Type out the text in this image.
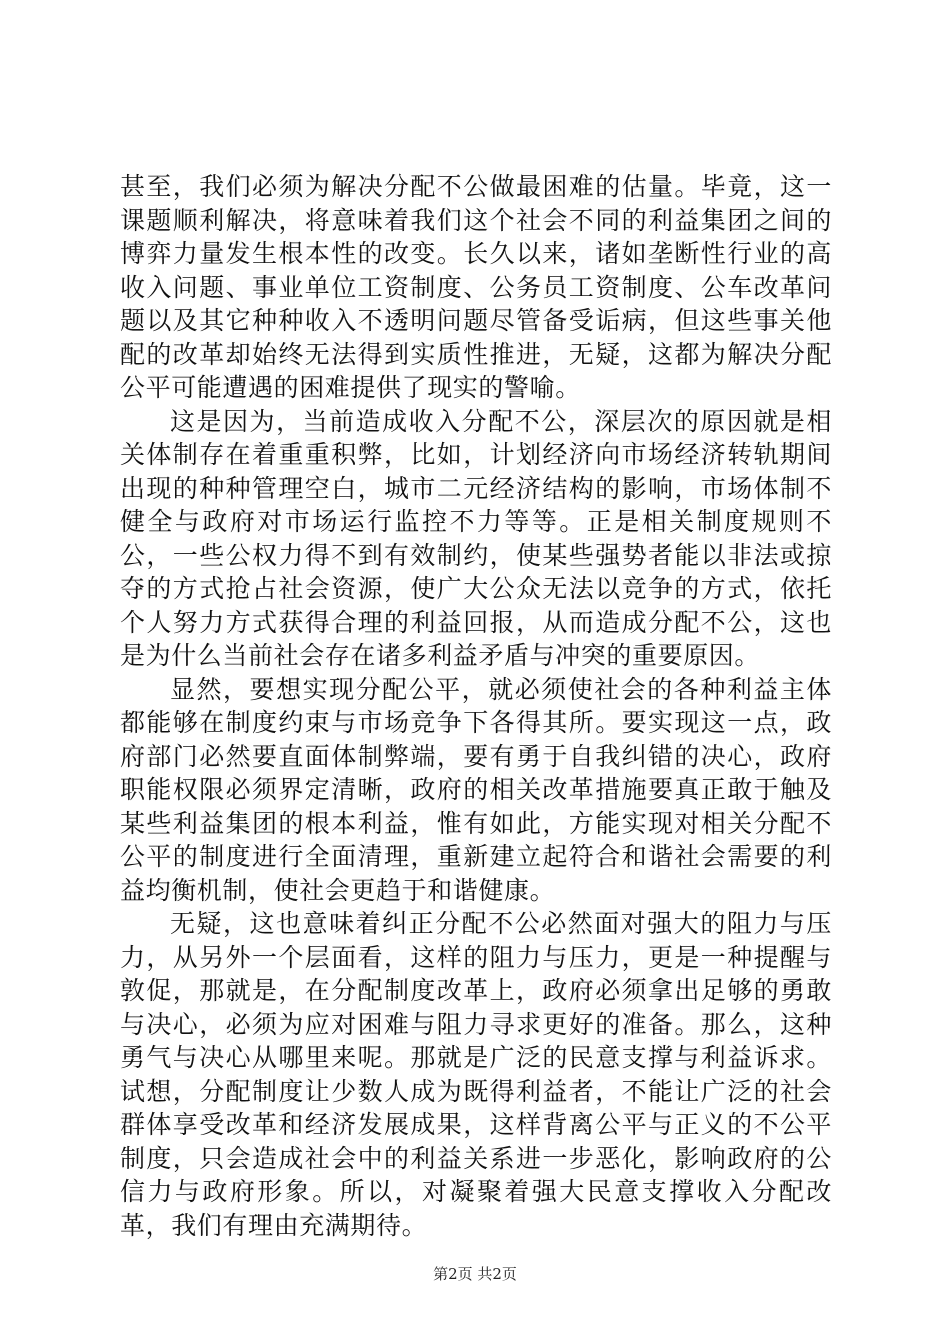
甚至，我们必须为解决分配不公做最困难的估量。毕竟，这一课题顺利解决，将意味着我们这个社会不同的利益集团之间的博弈力量发生根本性的改变。长久以来，诸如垄断性行业的高收入问题、事业单位工资制度、公务员工资制度、公车改革问题以及其它种种收入不透明问题尽管备受诟病，但这些事关他配的改革却始终无法得到实质性推进，无疑，这都为解决分配公平可能遭遇的困难提供了现实的警喻。

这是因为，当前造成收入分配不公，深层次的原因就是相关体制存在着重重积弊，比如，计划经济向市场经济转轨期间出现的种种管理空白，城市二元经济结构的影响，市场体制不健全与政府对市场运行监控不力等等。正是相关制度规则不公，一些公权力得不到有效制约，使某些强势者能以非法或掠夺的方式抢占社会资源，使广大公众无法以竞争的方式，依托个人努力方式获得合理的利益回报，从而造成分配不公，这也是为什么当前社会存在诸多利益矛盾与冲突的重要原因。

显然，要想实现分配公平，就必须使社会的各种利益主体都能够在制度约束与市场竞争下各得其所。要实现这一点，政府部门必然要直面体制弊端，要有勇于自我纠错的决心，政府职能权限必须界定清晰，政府的相关改革措施要真正敢于触及某些利益集团的根本利益，惟有如此，方能实现对相关分配不公平的制度进行全面清理，重新建立起符合和谐社会需要的利益均衡机制，使社会更趋于和谐健康。

无疑，这也意味着纠正分配不公必然面对强大的阻力与压力，从另外一个层面看，这样的阻力与压力，更是一种提醒与敦促，那就是，在分配制度改革上，政府必须拿出足够的勇敢与决心，必须为应对困难与阻力寻求更好的准备。那么，这种勇气与决心从哪里来呢。那就是广泛的民意支撑与利益诉求。试想，分配制度让少数人成为既得利益者，不能让广泛的社会群体享受改革和经济发展成果，这样背离公平与正义的不公平制度，只会造成社会中的利益关系进一步恶化，影响政府的公信力与政府形象。所以，对凝聚着强大民意支撑收入分配改革，我们有理由充满期待。

第2页 共2页
